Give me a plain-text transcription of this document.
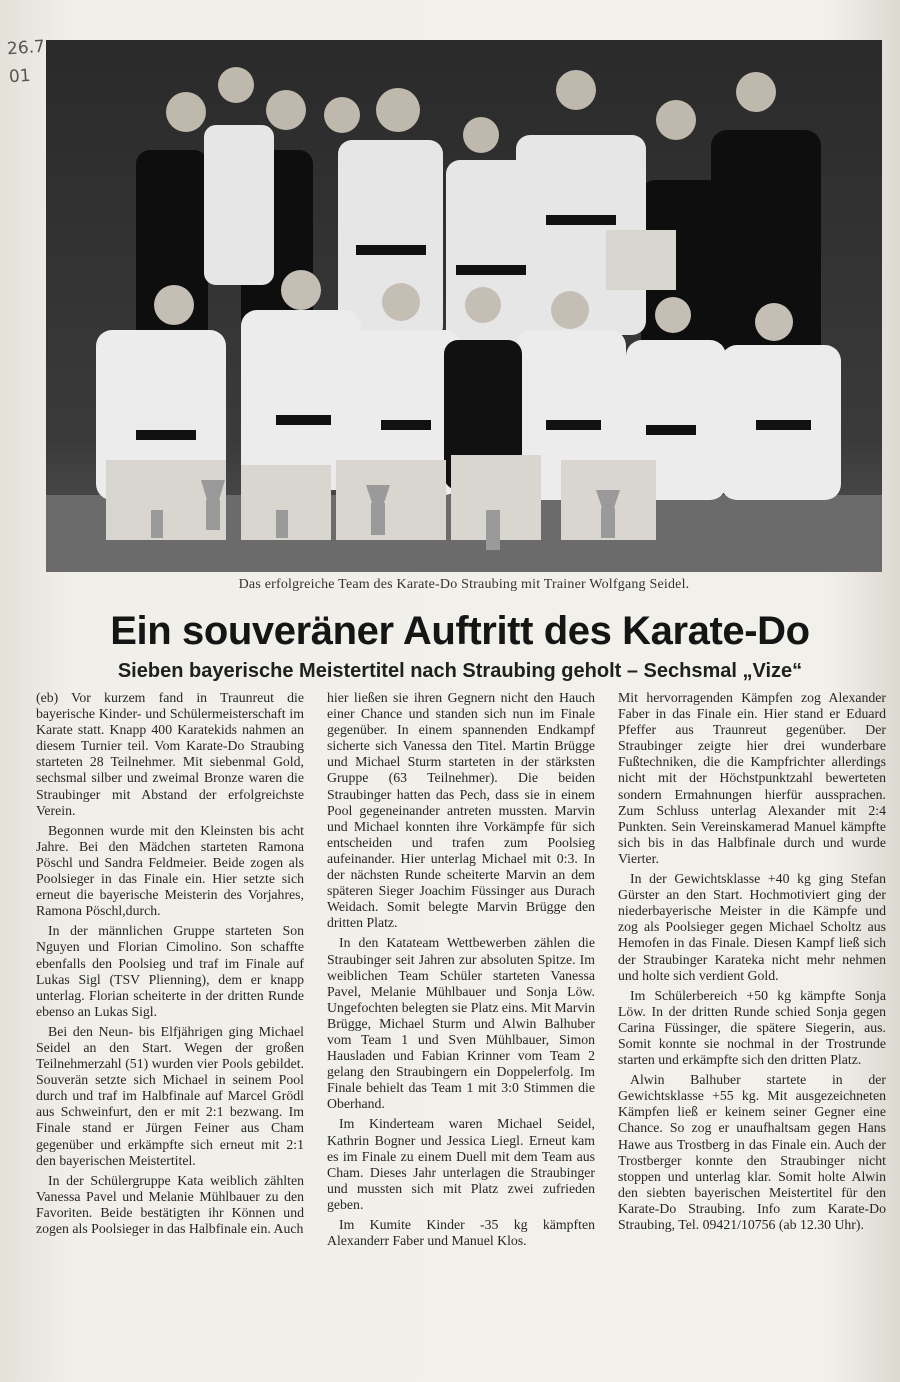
26.7
01
Das erfolgreiche Team des Karate-Do Straubing mit Trainer Wolfgang Seidel.
Ein souveräner Auftritt des Karate-Do
Sieben bayerische Meistertitel nach Straubing geholt – Sechsmal „Vize“

(eb) Vor kurzem fand in Traunreut die bayerische Kinder- und Schülermeisterschaft im Karate statt. Knapp 400 Karatekids nahmen an diesem Turnier teil. Vom Karate-Do Straubing starteten 28 Teilnehmer. Mit siebenmal Gold, sechsmal silber und zweimal Bronze waren die Straubinger mit Abstand der erfolgreichste Verein.

Begonnen wurde mit den Kleinsten bis acht Jahre. Bei den Mädchen starteten Ramona Pöschl und Sandra Feldmeier. Beide zogen als Poolsieger in das Finale ein. Hier setzte sich erneut die bayerische Meisterin des Vorjahres, Ramona Pöschl,durch.

In der männlichen Gruppe starteten Son Nguyen und Florian Cimolino. Son schaffte ebenfalls den Poolsieg und traf im Finale auf Lukas Sigl (TSV Plienning), dem er knapp unterlag. Florian scheiterte in der dritten Runde ebenso an Lukas Sigl.

Bei den Neun- bis Elfjährigen ging Michael Seidel an den Start. Wegen der großen Teilnehmerzahl (51) wurden vier Pools gebildet. Souverän setzte sich Michael in seinem Pool durch und traf im Halbfinale auf Marcel Grödl aus Schweinfurt, den er mit 2:1 bezwang. Im Finale stand er Jürgen Feiner aus Cham gegenüber und erkämpfte sich erneut mit 2:1 den bayerischen Meistertitel.

In der Schülergruppe Kata weiblich zählten Vanessa Pavel und Melanie Mühlbauer zu den Favoriten. Beide bestätigten ihr Können und zogen als Poolsieger in das Halbfinale ein. Auch

hier ließen sie ihren Gegnern nicht den Hauch einer Chance und standen sich nun im Finale gegenüber. In einem spannenden Endkampf sicherte sich Vanessa den Titel. Martin Brügge und Michael Sturm starteten in der stärksten Gruppe (63 Teilnehmer). Die beiden Straubinger hatten das Pech, dass sie in einem Pool gegeneinander antreten mussten. Marvin und Michael konnten ihre Vorkämpfe für sich entscheiden und trafen zum Poolsieg aufeinander. Hier unterlag Michael mit 0:3. In der nächsten Runde scheiterte Marvin an dem späteren Sieger Joachim Füssinger aus Durach Weidach. Somit belegte Marvin Brügge den dritten Platz.

In den Katateam Wettbewerben zählen die Straubinger seit Jahren zur absoluten Spitze. Im weiblichen Team Schüler starteten Vanessa Pavel, Melanie Mühlbauer und Sonja Löw. Ungefochten belegten sie Platz eins. Mit Marvin Brügge, Michael Sturm und Alwin Balhuber vom Team 1 und Sven Mühlbauer, Simon Hausladen und Fabian Krinner vom Team 2 gelang den Straubingern ein Doppelerfolg. Im Finale behielt das Team 1 mit 3:0 Stimmen die Oberhand.

Im Kinderteam waren Michael Seidel, Kathrin Bogner und Jessica Liegl. Erneut kam es im Finale zu einem Duell mit dem Team aus Cham. Dieses Jahr unterlagen die Straubinger und mussten sich mit Platz zwei zufrieden geben.

Im Kumite Kinder -35 kg kämpften Alexanderr Faber und Manuel Klos.

Mit hervorragenden Kämpfen zog Alexander Faber in das Finale ein. Hier stand er Eduard Pfeffer aus Traunreut gegenüber. Der Straubinger zeigte hier drei wunderbare Fußtechniken, die die Kampfrichter allerdings nicht mit der Höchstpunktzahl bewerteten sondern Ermahnungen hierfür aussprachen. Zum Schluss unterlag Alexander mit 2:4 Punkten. Sein Vereinskamerad Manuel kämpfte sich bis in das Halbfinale durch und wurde Vierter.

In der Gewichtsklasse +40 kg ging Stefan Gürster an den Start. Hochmotiviert ging der niederbayerische Meister in die Kämpfe und zog als Poolsieger gegen Michael Scholtz aus Hemofen in das Finale. Diesen Kampf ließ sich der Straubinger Karateka nicht mehr nehmen und holte sich verdient Gold.

Im Schülerbereich +50 kg kämpfte Sonja Löw. In der dritten Runde schied Sonja gegen Carina Füssinger, die spätere Siegerin, aus. Somit konnte sie nochmal in der Trostrunde starten und erkämpfte sich den dritten Platz.

Alwin Balhuber startete in der Gewichtsklasse +55 kg. Mit ausgezeichneten Kämpfen ließ er keinem seiner Gegner eine Chance. So zog er unaufhaltsam gegen Hans Hawe aus Trostberg in das Finale ein. Auch der Trostberger konnte den Straubinger nicht stoppen und unterlag klar. Somit holte Alwin den siebten bayerischen Meistertitel für den Karate-Do Straubing. Info zum Karate-Do Straubing, Tel. 09421/10756 (ab 12.30 Uhr).
